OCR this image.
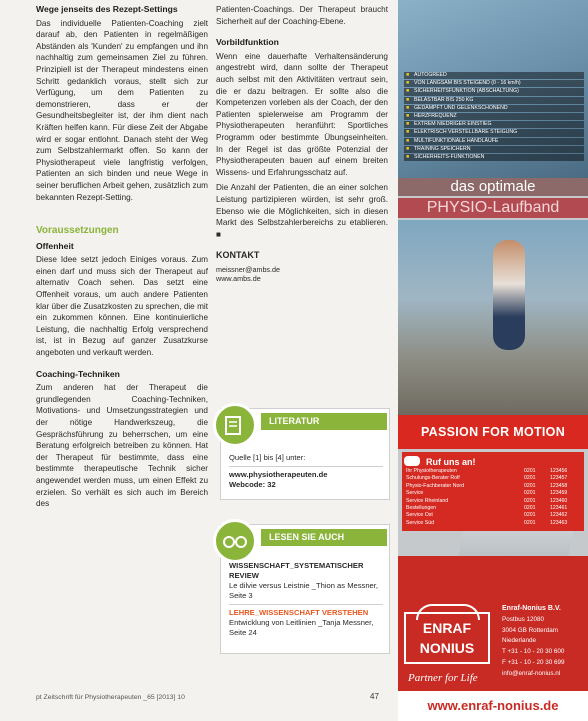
Wege jenseits des Rezept-Settings

Das individuelle Patienten-Coaching zielt darauf ab, den Patienten in regelmäßigen Abständen als 'Kunden' zu empfangen und ihn nachhaltig zum gemeinsamen Ziel zu führen. Prinzipiell ist der Therapeut mindestens einen Schritt gedanklich voraus, stellt sich zur Verfügung, um dem Patienten zu demonstrieren, dass er der Gesundheitsbegleiter ist, der ihm dient nach Kräften helfen kann. Für diese Zeit der Abgabe wird er sogar entlohnt. Danach steht der Weg zum Selbstzahlermarkt offen. So kann der Physiotherapeut viele langfristig verfolgen, Patienten an sich binden und neue Wege in seiner beruflichen Arbeit gehen, zusätzlich zum bekannten Rezept-Setting.

Voraussetzungen
Offenheit

Diese Idee setzt jedoch Einiges voraus. Zum einen darf und muss sich der Therapeut auf alternativ Coach sehen. Das setzt eine Offenheit voraus, um auch andere Patienten klar über die Zusatzkosten zu sprechen, die mit ein zukommen können. Eine kontinuierliche Leistung, die nachhaltig Erfolg versprechend ist, ist in Bezug auf ganzer Zusatzkurse angeboten und verkauft werden.

Coaching-Techniken

Zum anderen hat der Therapeut die grundlegenden Coaching-Techniken, Motivations- und Umsetzungsstrategien und der nötige Handwerkszeug, die Gesprächsführung zu beherrschen, um eine Beratung erfolgreich betreiben zu können. Hat der Therapeut für bestimmte, dass eine bestimmte therapeutische Technik sicher angewendet werden muss, um einen Effekt zu erzielen. So verhält es sich auch im Bereich des

Patienten-Coachings. Der Therapeut braucht Sicherheit auf der Coaching-Ebene.

Vorbildfunktion

Wenn eine dauerhafte Verhaltensänderung angestrebt wird, dann sollte der Therapeut auch selbst mit den Aktivitäten vertraut sein, die er dazu beitragen. Er sollte also die Kompetenzen vorleben als der Coach, der den Patienten spielerweise am Programm der Physiotherapeuten heranführt: Sportliches Programm oder bestimmte Übungseinheiten. In der Regel ist das größte Potenzial der Physiotherapeuten bauen auf einem breiten Wissens- und Erfahrungsschatz auf.

Die Anzahl der Patienten, die an einer solchen Leistung partizipieren würden, ist sehr groß. Ebenso wie die Möglichkeiten, sich in diesen Markt des Selbstzahlerbereichs zu etablieren. ■

KONTAKT
meissner@ambs.de
www.ambs.de
LITERATUR
Quelle [1] bis [4] unter:
www.physiotherapeuten.de
Webcode: 32
LESEN SIE AUCH
WISSENSCHAFT_SYSTEMATISCHER REVIEW
Le dilvie versus Leistnie _Thion as Messner, Seite 3
LEHRE_WISSENSCHAFT VERSTEHEN
Entwicklung von Leitlinien _Tanja Messner, Seite 24
pt Zeitschrift für Physiotherapeuten _65 [2013] 10	47
■ AUTOGREED
■ VON LANGSAM BIS STEIGEND (0 - 16 km/h)
■ SICHERHEITSFUNKTION (ABSCHALTUNG)
■ BELASTBAR BIS 250 KG
■ GEDÄMPFT UND GELENKSCHONEND
■ HERZFREQUENZ
■ EXTREM NIEDRIGER EINSTIEG
■ ELEKTRISCH VERSTELLBARE STEIGUNG
■ MULTIFUNKTIONALE HANDLÄUFE
■ TRAINING SPEICHERN
■ SICHERHEITS-FUNKTIONEN
das optimale
PHYSIO-Laufband
PASSION FOR MOTION
Ruf uns an!
Ihr Physiotherapeuten	0201	123456
Schulungs-Berater Rolf	0201	123457
Physio-Fachberater Nord	0201	123458
Service	0201	123459
Service Rheinland	0201	123460
Bestellungen	0201	123461
Service Ost	0201	123462
Service Süd	0201	123463
ENRAF
NONIUS
Partner for Life
Enraf-Nonius B.V.
Postbus 12080
3004 GB Rotterdam
Niederlande
T +31 - 10 - 20 30 600
F +31 - 10 - 20 30 699
info@enraf-nonius.nl
www.enraf-nonius.de
